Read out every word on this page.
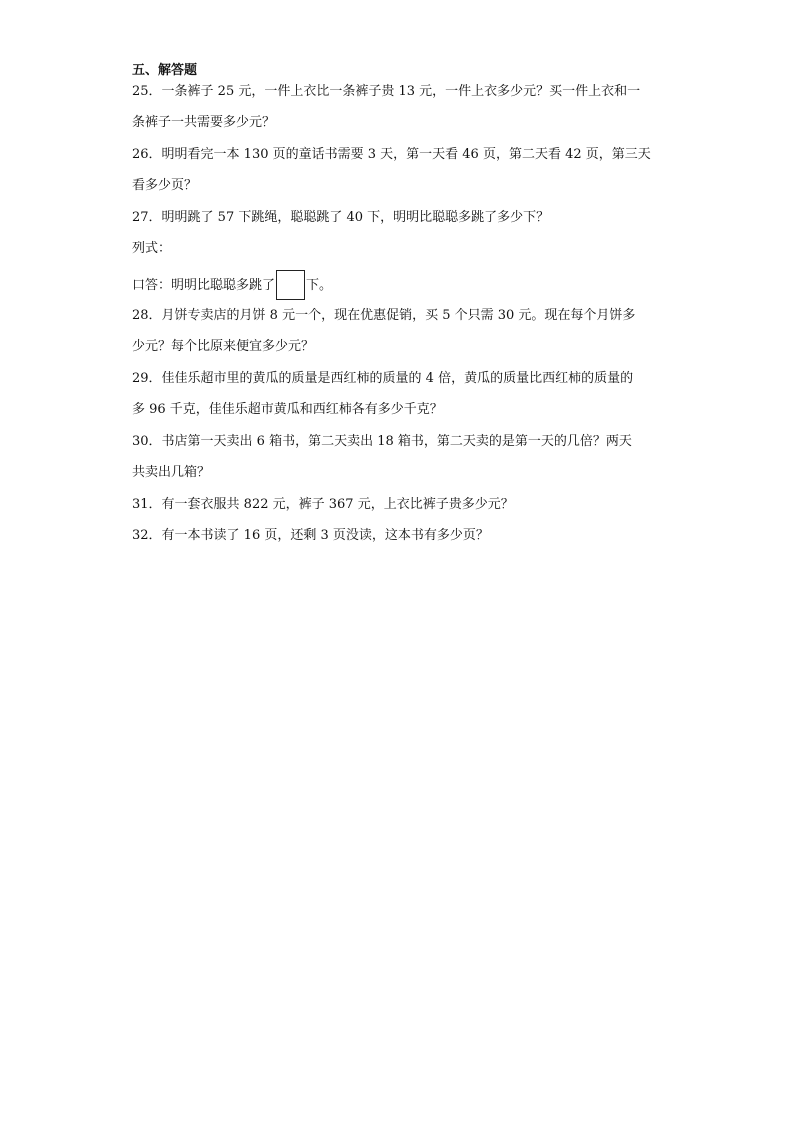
五、解答题

25．一条裤子 25 元，一件上衣比一条裤子贵 13 元，一件上衣多少元？买一件上衣和一

条裤子一共需要多少元？

26．明明看完一本 130 页的童话书需要 3 天，第一天看 46 页，第二天看 42 页，第三天

看多少页？

27．明明跳了 57 下跳绳，聪聪跳了 40 下，明明比聪聪多跳了多少下？

列式：

口答：明明比聪聪多跳了 下。

28．月饼专卖店的月饼 8 元一个，现在优惠促销，买 5 个只需 30 元。现在每个月饼多

少元？每个比原来便宜多少元？

29．佳佳乐超市里的黄瓜的质量是西红柿的质量的 4 倍，黄瓜的质量比西红柿的质量的

多 96 千克，佳佳乐超市黄瓜和西红柿各有多少千克？

30．书店第一天卖出 6 箱书，第二天卖出 18 箱书，第二天卖的是第一天的几倍？两天

共卖出几箱？

31．有一套衣服共 822 元，裤子 367 元，上衣比裤子贵多少元？

32．有一本书读了 16 页，还剩 3 页没读，这本书有多少页？
